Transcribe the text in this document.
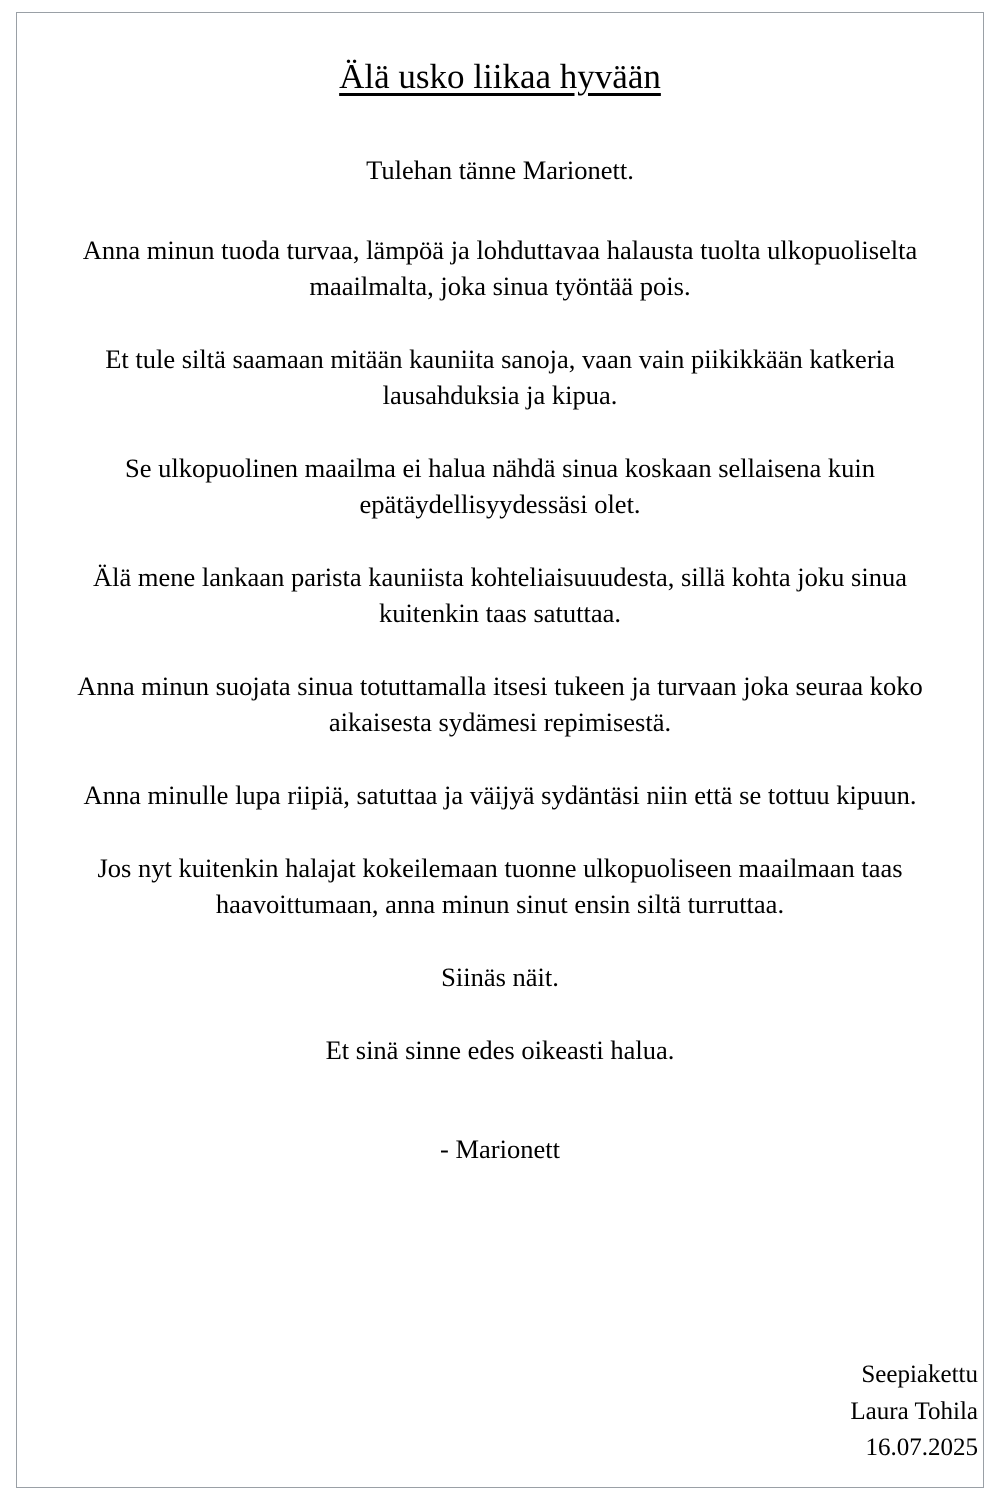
Älä usko liikaa hyvään

Tulehan tänne Marionett.

Anna minun tuoda turvaa, lämpöä ja lohduttavaa halausta tuolta ulkopuoliselta maailmalta, joka sinua työntää pois.

Et tule siltä saamaan mitään kauniita sanoja, vaan vain piikikkään katkeria lausahduksia ja kipua.

Se ulkopuolinen maailma ei halua nähdä sinua koskaan sellaisena kuin epätäydellisyydessäsi olet.

Älä mene lankaan parista kauniista kohteliaisuuudesta, sillä kohta joku sinua kuitenkin taas satuttaa.

Anna minun suojata sinua totuttamalla itsesi tukeen ja turvaan joka seuraa koko aikaisesta sydämesi repimisestä.

Anna minulle lupa riipiä, satuttaa ja väijyä sydäntäsi niin että se tottuu kipuun.

Jos nyt kuitenkin halajat kokeilemaan tuonne ulkopuoliseen maailmaan taas haavoittumaan, anna minun sinut ensin siltä turruttaa.

Siinäs näit.

Et sinä sinne edes oikeasti halua.

- Marionett

Seepiakettu
Laura Tohila
16.07.2025
